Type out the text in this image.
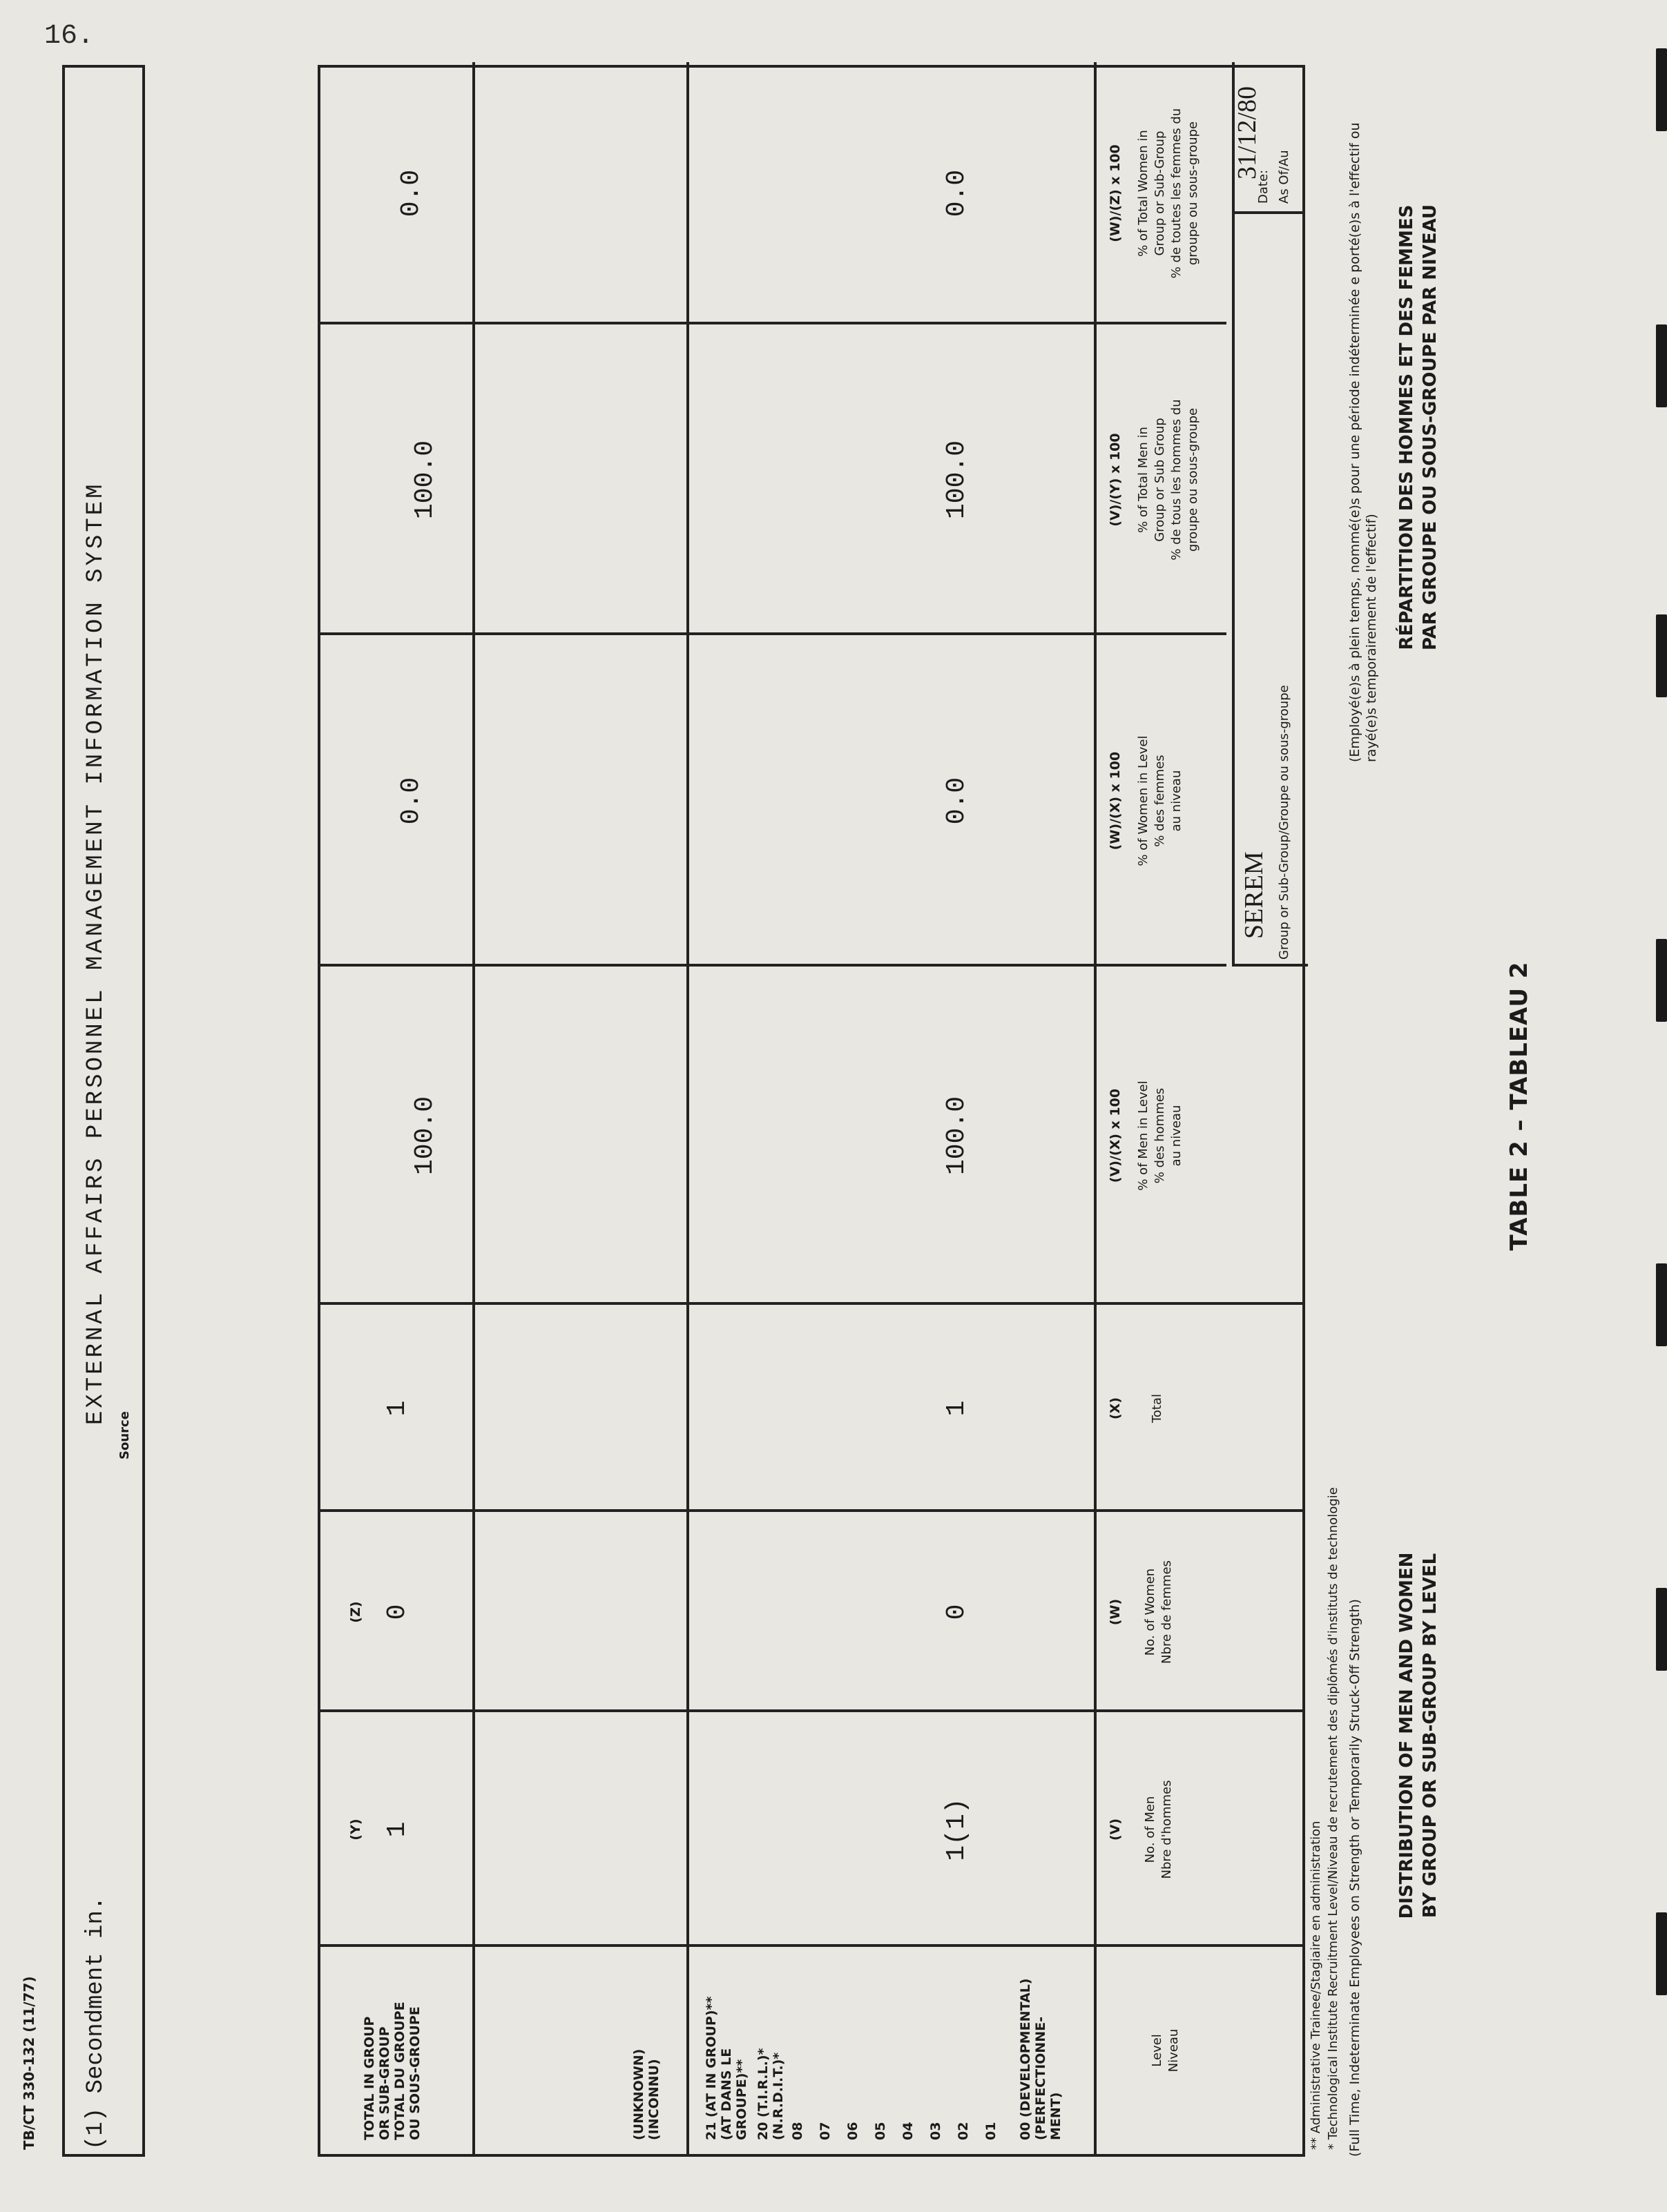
16.
TABLE 2 – TABLEAU 2
DISTRIBUTION OF MEN AND WOMEN BY GROUP OR SUB-GROUP BY LEVEL
RÉPARTITION DES HOMMES ET DES FEMMES PAR GROUPE OU SOUS-GROUPE PAR NIVEAU
(Full Time, Indeterminate Employees on Strength or Temporarily Struck-Off Strength)
(Employé(e)s à plein temps, nommé(e)s pour une période indéterminée e porté(e)s à l'effectif ou rayé(e)s temporairement de l'effectif)
Group or Sub-Group/Groupe ou sous-groupe
SEREM
As Of/Au
Date:
31/12/80
Level
Niveau
No. of Men
Nbre d'hommes
(V)
No. of Women
Nbre de femmes
(W)
Total
(X)
% of Men in Level
% des hommes
au niveau
(V)/(X) x 100
% of Women in Level
% des femmes
au niveau
(W)/(X) x 100
% of Total Men in
Group or Sub Group
% de tous les hommes du
groupe ou sous-groupe
(V)/(Y) x 100
% of Total Women in
Group or Sub-Group
% de toutes les femmes du
groupe ou sous-groupe
(W)/(Z) x 100
00 (DEVELOPMENTAL)
(PERFECTIONNE-
MENT)
01
02
03
04
05
06
07
08
20 (T.I.R.L.)*
(N.R.D.I.T.)*
21 (AT IN GROUP)**
(AT DANS LE
GROUPE)**
(UNKNOWN)
(INCONNU)
1(1)
0
1
100.0
0.0
100.0
0.0
TOTAL IN GROUP
OR SUB-GROUP
TOTAL DU GROUPE
OU SOUS-GROUPE
1
(Y)
0
(Z)
1
100.0
0.0
100.0
0.0
* Technological Institute Recruitment Level/Niveau de recrutement des diplômés d'instituts de technologie
** Administrative Trainee/Stagiaire en administration
Source
EXTERNAL AFFAIRS PERSONNEL MANAGEMENT INFORMATION SYSTEM
(1) Secondment in.
TB/CT 330-132 (11/77)
